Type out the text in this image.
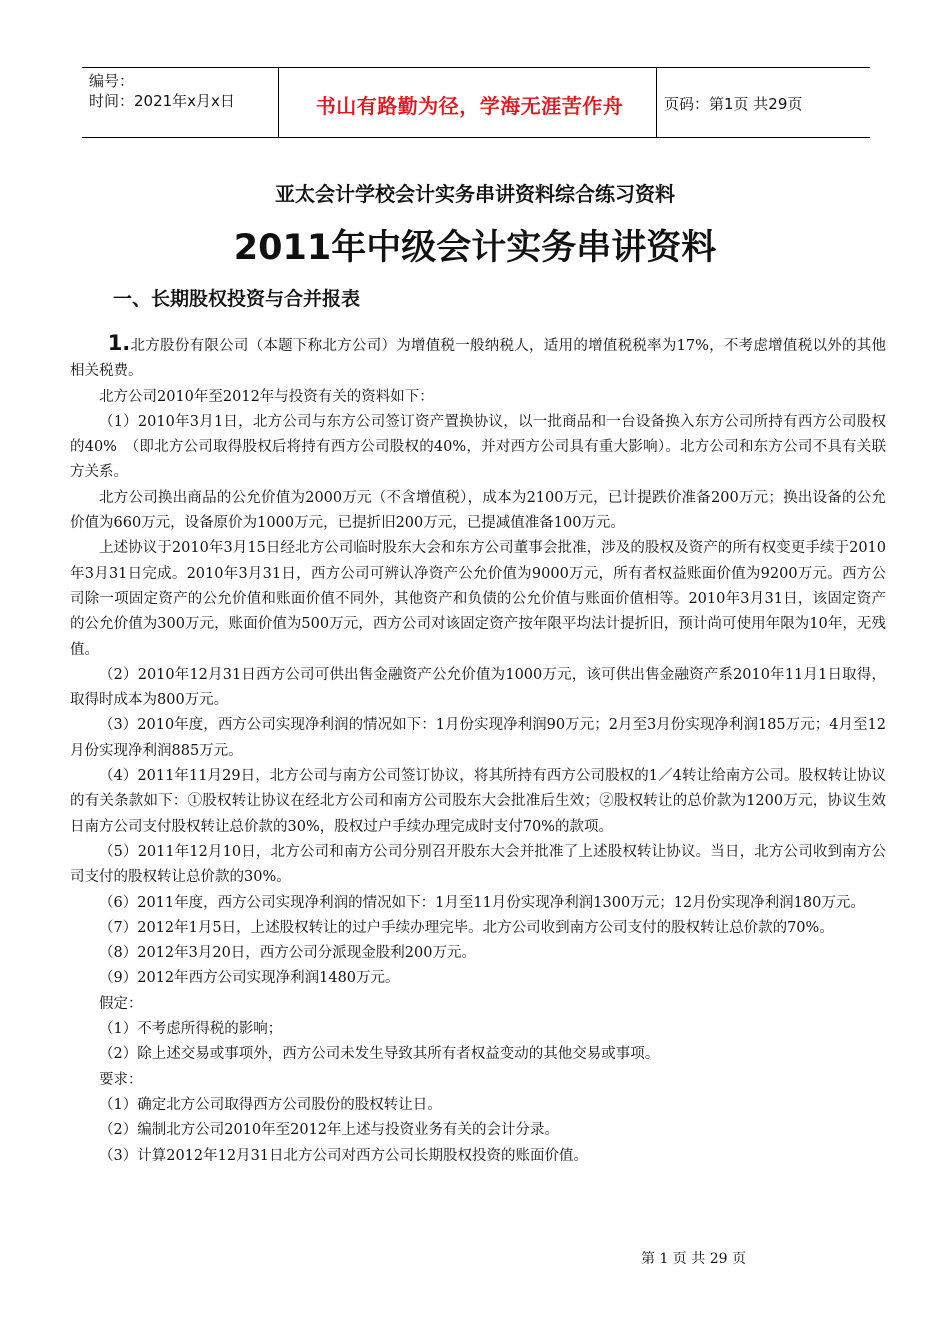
编号：
时间：2021年x月x日	书山有路勤为径，学海无涯苦作舟	页码：第1页 共29页
亚太会计学校会计实务串讲资料综合练习资料
2011年中级会计实务串讲资料
一、长期股权投资与合并报表

1.北方股份有限公司（本题下称北方公司）为增值税一般纳税人，适用的增值税税率为17%，不考虑增值税以外的其他相关税费。

北方公司2010年至2012年与投资有关的资料如下：

（1）2010年3月1日，北方公司与东方公司签订资产置换协议，以一批商品和一台设备换入东方公司所持有西方公司股权的40%　（即北方公司取得股权后将持有西方公司股权的40%，并对西方公司具有重大影响）。北方公司和东方公司不具有关联方关系。

北方公司换出商品的公允价值为2000万元（不含增值税），成本为2100万元，已计提跌价准备200万元；换出设备的公允价值为660万元，设备原价为1000万元，已提折旧200万元，已提减值准备100万元。

上述协议于2010年3月15日经北方公司临时股东大会和东方公司董事会批准，涉及的股权及资产的所有权变更手续于2010年3月31日完成。2010年3月31日，西方公司可辨认净资产公允价值为9000万元，所有者权益账面价值为9200万元。西方公司除一项固定资产的公允价值和账面价值不同外，其他资产和负债的公允价值与账面价值相等。2010年3月31日，该固定资产的公允价值为300万元，账面价值为500万元，西方公司对该固定资产按年限平均法计提折旧，预计尚可使用年限为10年，无残值。

（2）2010年12月31日西方公司可供出售金融资产公允价值为1000万元，该可供出售金融资产系2010年11月1日取得，取得时成本为800万元。

（3）2010年度，西方公司实现净利润的情况如下：1月份实现净利润90万元；2月至3月份实现净利润185万元；4月至12月份实现净利润885万元。

（4）2011年11月29日，北方公司与南方公司签订协议，将其所持有西方公司股权的1／4转让给南方公司。股权转让协议的有关条款如下：①股权转让协议在经北方公司和南方公司股东大会批准后生效；②股权转让的总价款为1200万元，协议生效日南方公司支付股权转让总价款的30%，股权过户手续办理完成时支付70%的款项。

（5）2011年12月10日，北方公司和南方公司分别召开股东大会并批准了上述股权转让协议。当日，北方公司收到南方公司支付的股权转让总价款的30%。

（6）2011年度，西方公司实现净利润的情况如下：1月至11月份实现净利润1300万元；12月份实现净利润180万元。

（7）2012年1月5日，上述股权转让的过户手续办理完毕。北方公司收到南方公司支付的股权转让总价款的70%。

（8）2012年3月20日，西方公司分派现金股利200万元。

（9）2012年西方公司实现净利润1480万元。

假定：

（1）不考虑所得税的影响；

（2）除上述交易或事项外，西方公司未发生导致其所有者权益变动的其他交易或事项。

要求：

（1）确定北方公司取得西方公司股份的股权转让日。

（2）编制北方公司2010年至2012年上述与投资业务有关的会计分录。

（3）计算2012年12月31日北方公司对西方公司长期股权投资的账面价值。

第 1 页 共 29 页
